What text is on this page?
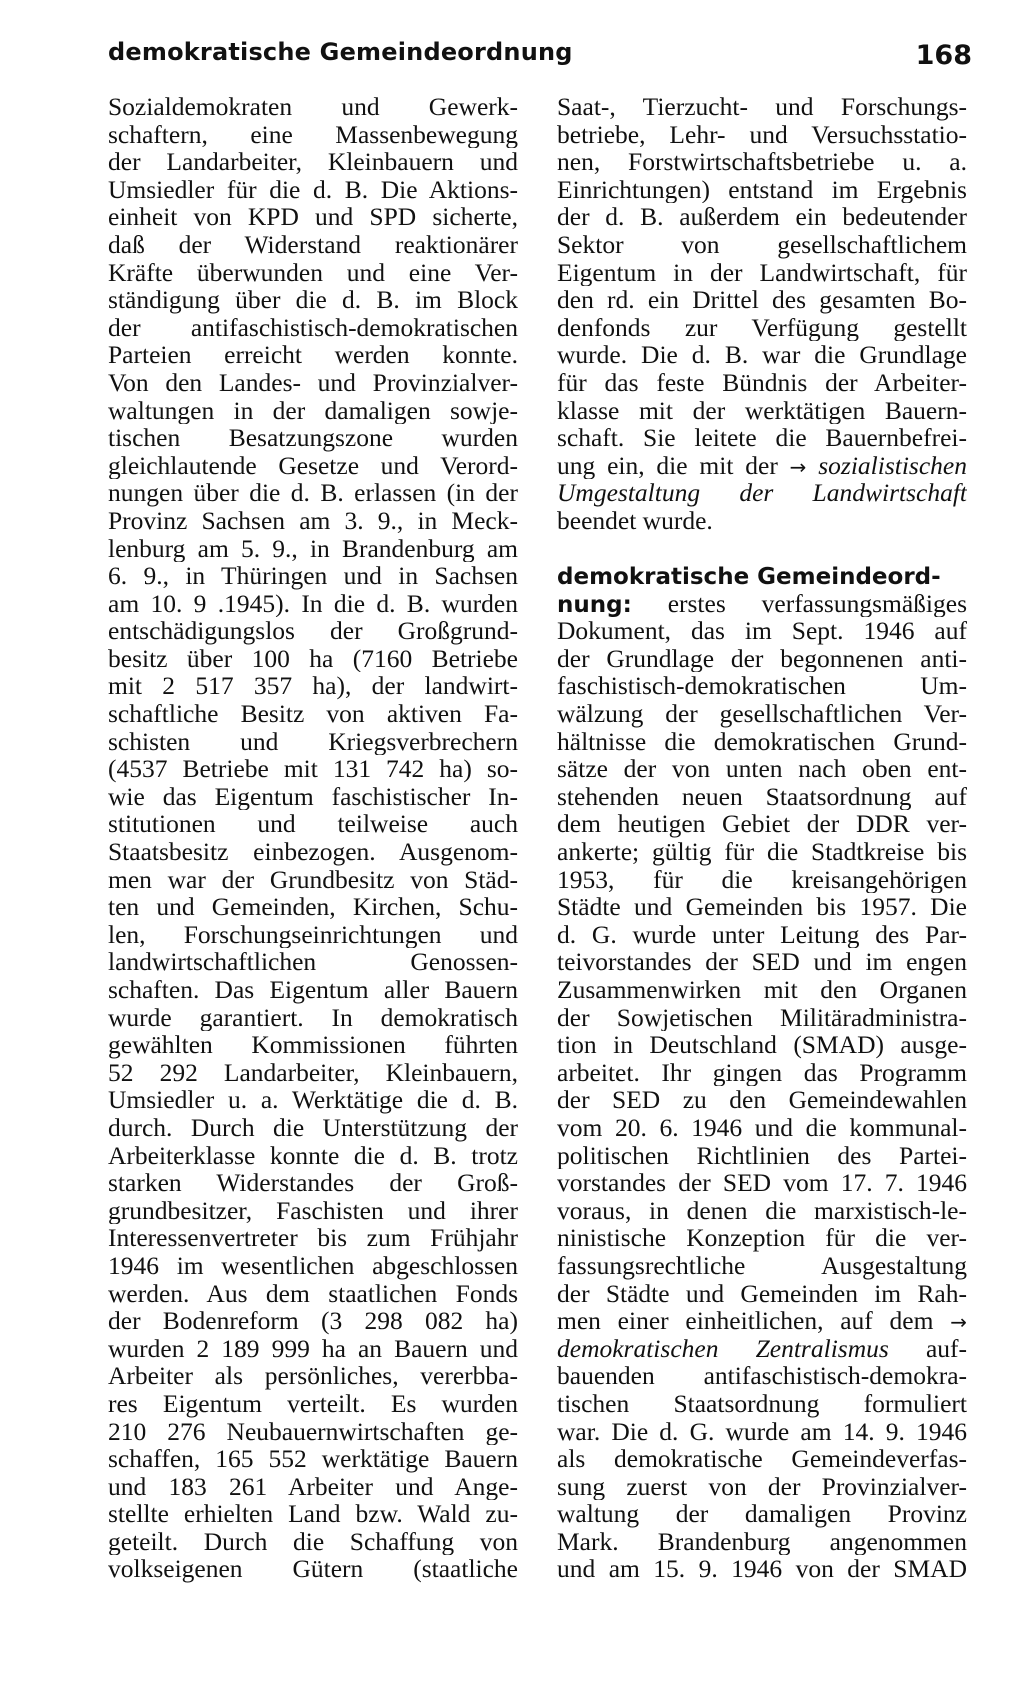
demokratische Gemeindeordnung	168
Sozialdemokraten und Gewerk-
schaftern, eine Massenbewegung
der Landarbeiter, Kleinbauern und
Umsiedler für die d. B. Die Aktions-
einheit von KPD und SPD sicherte,
daß der Widerstand reaktionärer
Kräfte überwunden und eine Ver-
ständigung über die d. B. im Block
der antifaschistisch-demokratischen
Parteien erreicht werden konnte.
Von den Landes- und Provinzialver-
waltungen in der damaligen sowje-
tischen Besatzungszone wurden
gleichlautende Gesetze und Verord-
nungen über die d. B. erlassen (in der
Provinz Sachsen am 3. 9., in Meck-
lenburg am 5. 9., in Brandenburg am
6. 9., in Thüringen und in Sachsen
am 10. 9 .1945). In die d. B. wurden
entschädigungslos der Großgrund-
besitz über 100 ha (7160 Betriebe
mit 2 517 357 ha), der landwirt-
schaftliche Besitz von aktiven Fa-
schisten und Kriegsverbrechern
(4537 Betriebe mit 131 742 ha) so-
wie das Eigentum faschistischer In-
stitutionen und teilweise auch
Staatsbesitz einbezogen. Ausgenom-
men war der Grundbesitz von Städ-
ten und Gemeinden, Kirchen, Schu-
len, Forschungseinrichtungen und
landwirtschaftlichen Genossen-
schaften. Das Eigentum aller Bauern
wurde garantiert. In demokratisch
gewählten Kommissionen führten
52 292 Landarbeiter, Kleinbauern,
Umsiedler u. a. Werktätige die d. B.
durch. Durch die Unterstützung der
Arbeiterklasse konnte die d. B. trotz
starken Widerstandes der Groß-
grundbesitzer, Faschisten und ihrer
Interessenvertreter bis zum Frühjahr
1946 im wesentlichen abgeschlossen
werden. Aus dem staatlichen Fonds
der Bodenreform (3 298 082 ha)
wurden 2 189 999 ha an Bauern und
Arbeiter als persönliches, vererbba-
res Eigentum verteilt. Es wurden
210 276 Neubauernwirtschaften ge-
schaffen, 165 552 werktätige Bauern
und 183 261 Arbeiter und Ange-
stellte erhielten Land bzw. Wald zu-
geteilt. Durch die Schaffung von
volkseigenen Gütern (staatliche
Saat-, Tierzucht- und Forschungs-
betriebe, Lehr- und Versuchsstatio-
nen, Forstwirtschaftsbetriebe u. a.
Einrichtungen) entstand im Ergebnis
der d. B. außerdem ein bedeutender
Sektor von gesellschaftlichem
Eigentum in der Landwirtschaft, für
den rd. ein Drittel des gesamten Bo-
denfonds zur Verfügung gestellt
wurde. Die d. B. war die Grundlage
für das feste Bündnis der Arbeiter-
klasse mit der werktätigen Bauern-
schaft. Sie leitete die Bauernbefrei-
ung ein, die mit der → sozialistischen
Umgestaltung der Landwirtschaft
beendet wurde.
demokratische Gemeindeord-
nung: erstes verfassungsmäßiges
Dokument, das im Sept. 1946 auf
der Grundlage der begonnenen anti-
faschistisch-demokratischen Um-
wälzung der gesellschaftlichen Ver-
hältnisse die demokratischen Grund-
sätze der von unten nach oben ent-
stehenden neuen Staatsordnung auf
dem heutigen Gebiet der DDR ver-
ankerte; gültig für die Stadtkreise bis
1953, für die kreisangehörigen
Städte und Gemeinden bis 1957. Die
d. G. wurde unter Leitung des Par-
teivorstandes der SED und im engen
Zusammenwirken mit den Organen
der Sowjetischen Militäradministra-
tion in Deutschland (SMAD) ausge-
arbeitet. Ihr gingen das Programm
der SED zu den Gemeindewahlen
vom 20. 6. 1946 und die kommunal-
politischen Richtlinien des Partei-
vorstandes der SED vom 17. 7. 1946
voraus, in denen die marxistisch-le-
ninistische Konzeption für die ver-
fassungsrechtliche Ausgestaltung
der Städte und Gemeinden im Rah-
men einer einheitlichen, auf dem →
demokratischen Zentralismus auf-
bauenden antifaschistisch-demokra-
tischen Staatsordnung formuliert
war. Die d. G. wurde am 14. 9. 1946
als demokratische Gemeindeverfas-
sung zuerst von der Provinzialver-
waltung der damaligen Provinz
Mark. Brandenburg angenommen
und am 15. 9. 1946 von der SMAD
